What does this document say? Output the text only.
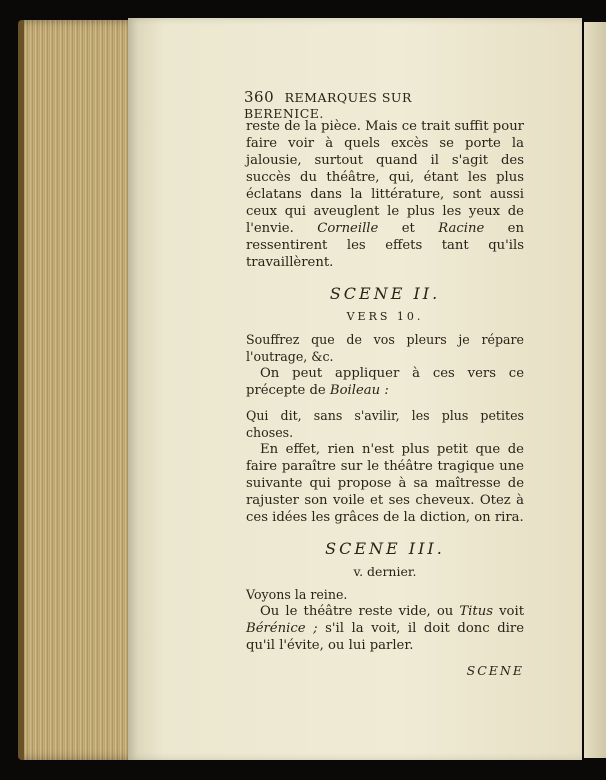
360 REMARQUES SUR BERENICE.

reste de la pièce. Mais ce trait suffit pour faire voir à quels excès se porte la jalousie, surtout quand il s'agit des succès du théâtre, qui, étant les plus éclatans dans la littérature, sont aussi ceux qui aveuglent le plus les yeux de l'envie. Corneille et Racine en ressentirent les effets tant qu'ils travaillèrent.

SCENE II.
VERS 10.

Souffrez que de vos pleurs je répare l'outrage, &c.

On peut appliquer à ces vers ce précepte de Boileau :

Qui dit, sans s'avilir, les plus petites choses.

En effet, rien n'est plus petit que de faire paraître sur le théâtre tragique une suivante qui propose à sa maîtresse de rajuster son voile et ses cheveux. Otez à ces idées les grâces de la diction, on rira.

SCENE III.
v. dernier.

Voyons la reine.

Ou le théâtre reste vide, ou Titus voit Bérénice ; s'il la voit, il doit donc dire qu'il l'évite, ou lui parler.

SCENE
